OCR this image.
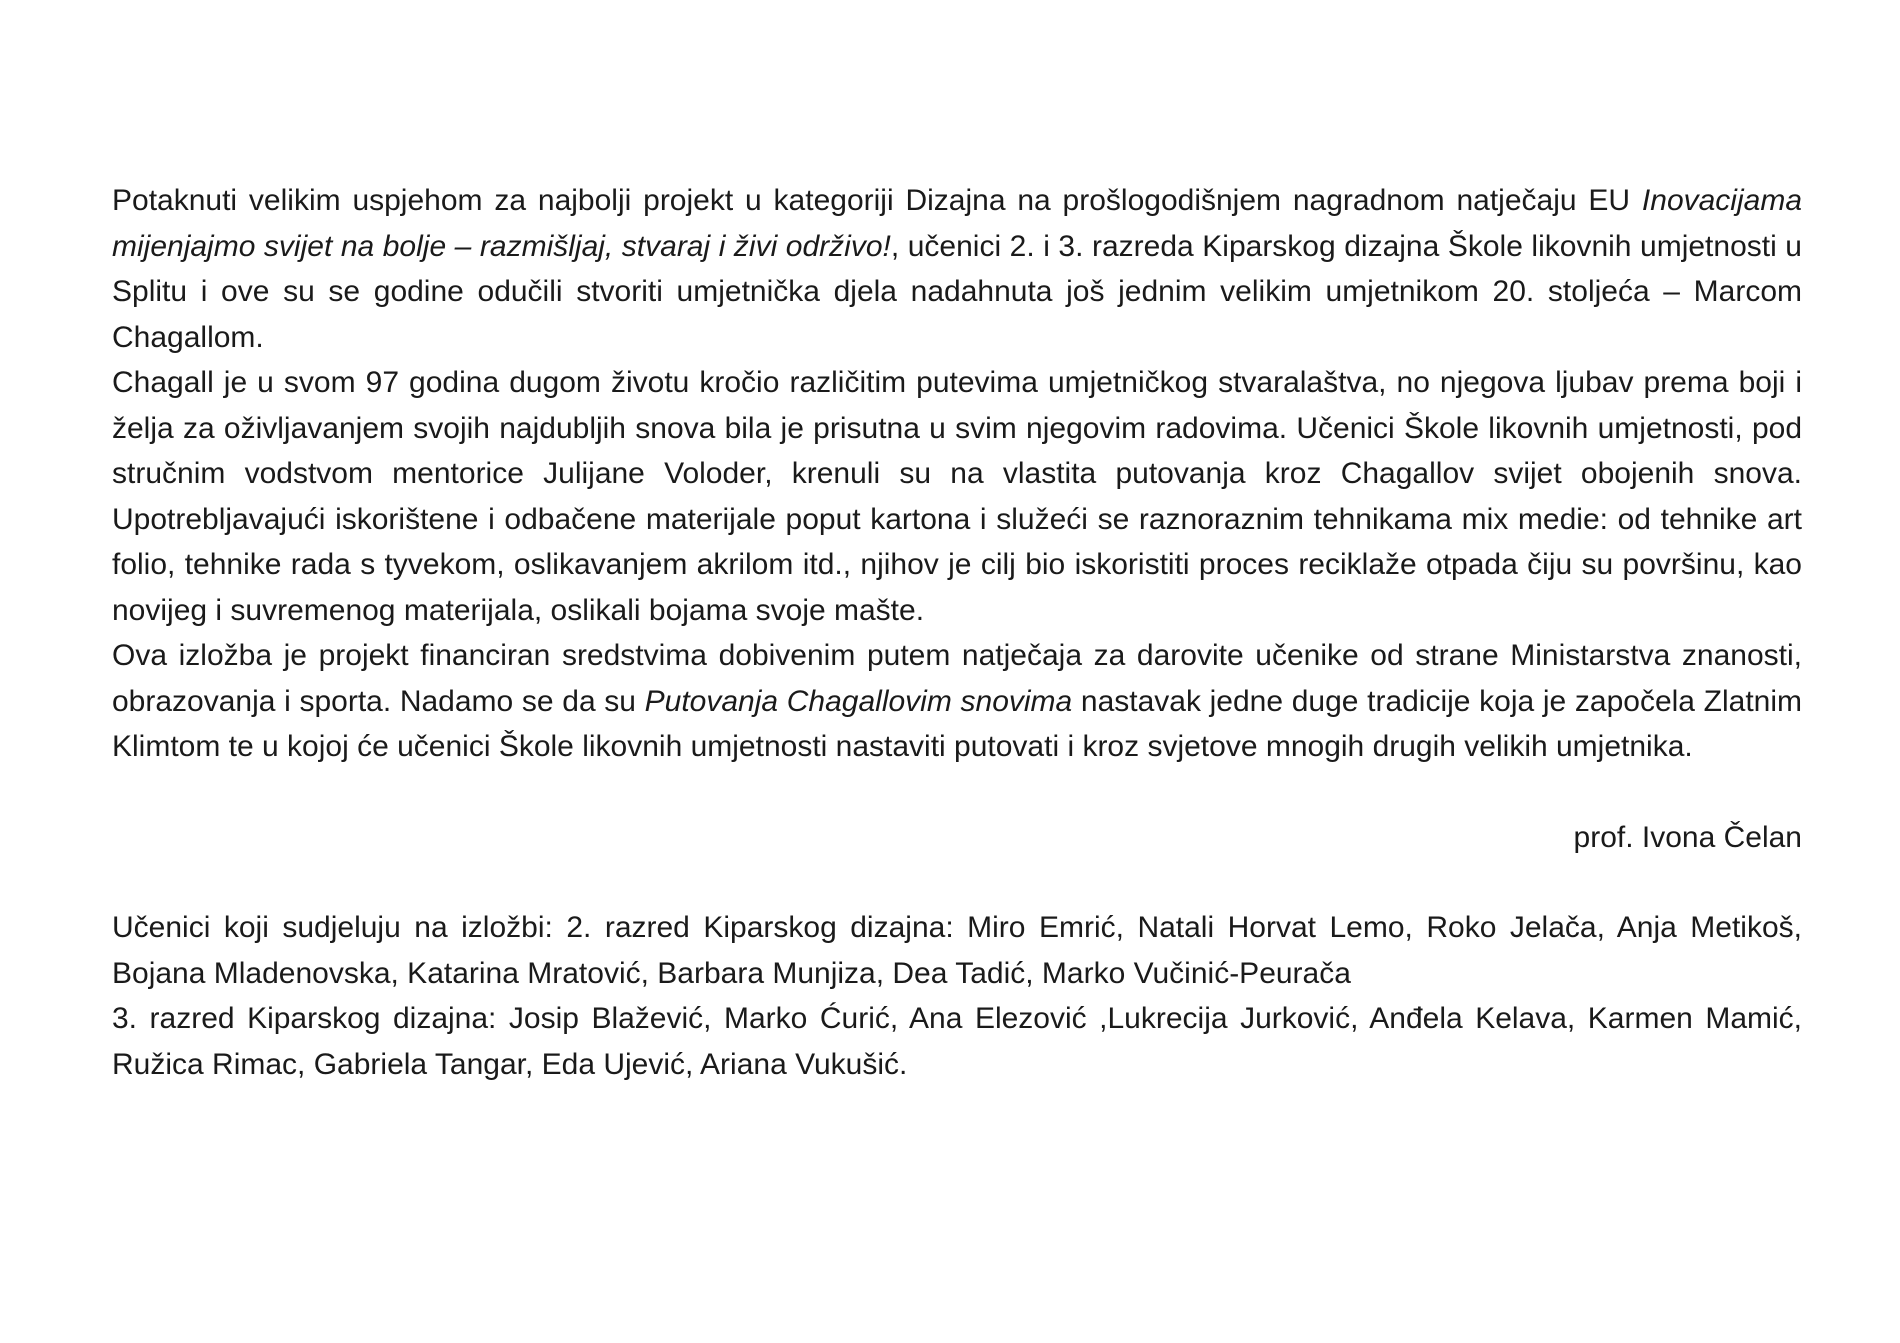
Potaknuti velikim uspjehom za najbolji projekt u kategoriji Dizajna na prošlogodišnjem nagradnom natječaju EU Inovacijama mijenjajmo svijet na bolje – razmišljaj, stvaraj i živi održivo!, učenici 2. i 3. razreda Kiparskog dizajna Škole likovnih umjetnosti u Splitu i ove su se godine odučili stvoriti umjetnička djela nadahnuta još jednim velikim umjetnikom 20. stoljeća – Marcom Chagallom.

Chagall je u svom 97 godina dugom životu kročio različitim putevima umjetničkog stvaralaštva, no njegova ljubav prema boji i želja za oživljavanjem svojih najdubljih snova bila je prisutna u svim njegovim radovima. Učenici Škole likovnih umjetnosti, pod stručnim vodstvom mentorice Julijane Voloder, krenuli su na vlastita putovanja kroz Chagallov svijet obojenih snova. Upotrebljavajući iskorištene i odbačene materijale poput kartona i služeći se raznoraznim tehnikama mix medie: od tehnike art folio, tehnike rada s tyvekom, oslikavanjem akrilom itd., njihov je cilj bio iskoristiti proces reciklaže otpada čiju su površinu, kao novijeg i suvremenog materijala, oslikali bojama svoje mašte.

Ova izložba je projekt financiran sredstvima dobivenim putem natječaja za darovite učenike od strane Ministarstva znanosti, obrazovanja i sporta. Nadamo se da su Putovanja Chagallovim snovima nastavak jedne duge tradicije koja je započela Zlatnim Klimtom te u kojoj će učenici Škole likovnih umjetnosti nastaviti putovati i kroz svjetove mnogih drugih velikih umjetnika.

prof. Ivona Čelan

Učenici koji sudjeluju na izložbi: 2. razred Kiparskog dizajna: Miro Emrić, Natali Horvat Lemo, Roko Jelača, Anja Metikoš, Bojana Mladenovska, Katarina Mratović, Barbara Munjiza, Dea Tadić, Marko Vučinić-Peurača

3. razred Kiparskog dizajna: Josip Blažević, Marko Ćurić, Ana Elezović ,Lukrecija Jurković, Anđela Kelava, Karmen Mamić, Ružica Rimac, Gabriela Tangar, Eda Ujević, Ariana Vukušić.
